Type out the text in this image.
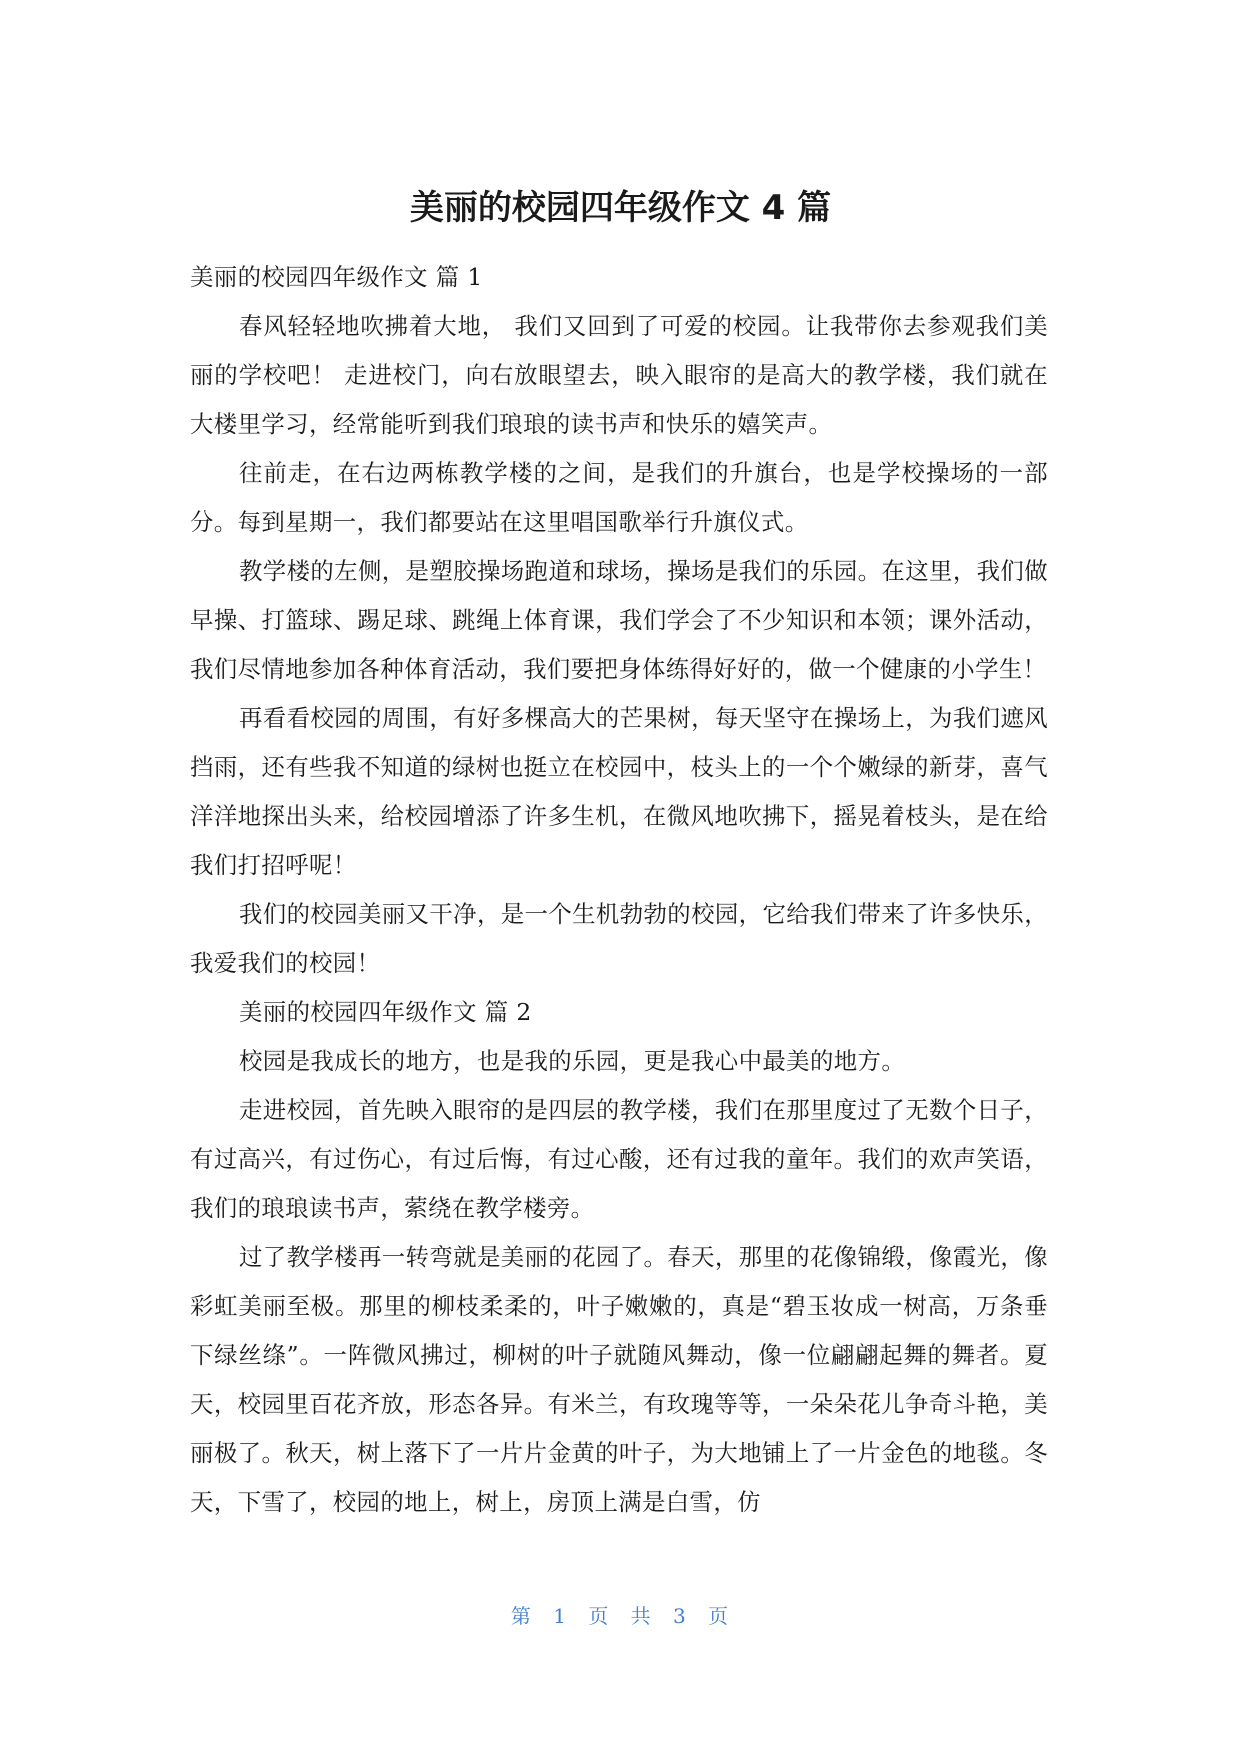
美丽的校园四年级作文 4 篇

美丽的校园四年级作文 篇 1

春风轻轻地吹拂着大地， 我们又回到了可爱的校园。让我带你去参观我们美丽的学校吧！ 走进校门，向右放眼望去，映入眼帘的是高大的教学楼，我们就在大楼里学习，经常能听到我们琅琅的读书声和快乐的嬉笑声。

往前走，在右边两栋教学楼的之间，是我们的升旗台，也是学校操场的一部分。每到星期一，我们都要站在这里唱国歌举行升旗仪式。

教学楼的左侧，是塑胶操场跑道和球场，操场是我们的乐园。在这里，我们做早操、打篮球、踢足球、跳绳上体育课，我们学会了不少知识和本领；课外活动，我们尽情地参加各种体育活动，我们要把身体练得好好的，做一个健康的小学生！

再看看校园的周围，有好多棵高大的芒果树，每天坚守在操场上，为我们遮风挡雨，还有些我不知道的绿树也挺立在校园中，枝头上的一个个嫩绿的新芽，喜气洋洋地探出头来，给校园增添了许多生机，在微风地吹拂下，摇晃着枝头，是在给我们打招呼呢！

我们的校园美丽又干净，是一个生机勃勃的校园，它给我们带来了许多快乐，我爱我们的校园！

美丽的校园四年级作文 篇 2

校园是我成长的地方，也是我的乐园，更是我心中最美的地方。

走进校园，首先映入眼帘的是四层的教学楼，我们在那里度过了无数个日子，有过高兴，有过伤心，有过后悔，有过心酸，还有过我的童年。我们的欢声笑语，我们的琅琅读书声，萦绕在教学楼旁。

过了教学楼再一转弯就是美丽的花园了。春天，那里的花像锦缎，像霞光，像彩虹美丽至极。那里的柳枝柔柔的，叶子嫩嫩的，真是“碧玉妆成一树高，万条垂下绿丝绦”。一阵微风拂过，柳树的叶子就随风舞动，像一位翩翩起舞的舞者。夏天，校园里百花齐放，形态各异。有米兰，有玫瑰等等，一朵朵花儿争奇斗艳，美丽极了。秋天，树上落下了一片片金黄的叶子，为大地铺上了一片金色的地毯。冬天，下雪了，校园的地上，树上，房顶上满是白雪，仿

第 1 页 共 3 页
